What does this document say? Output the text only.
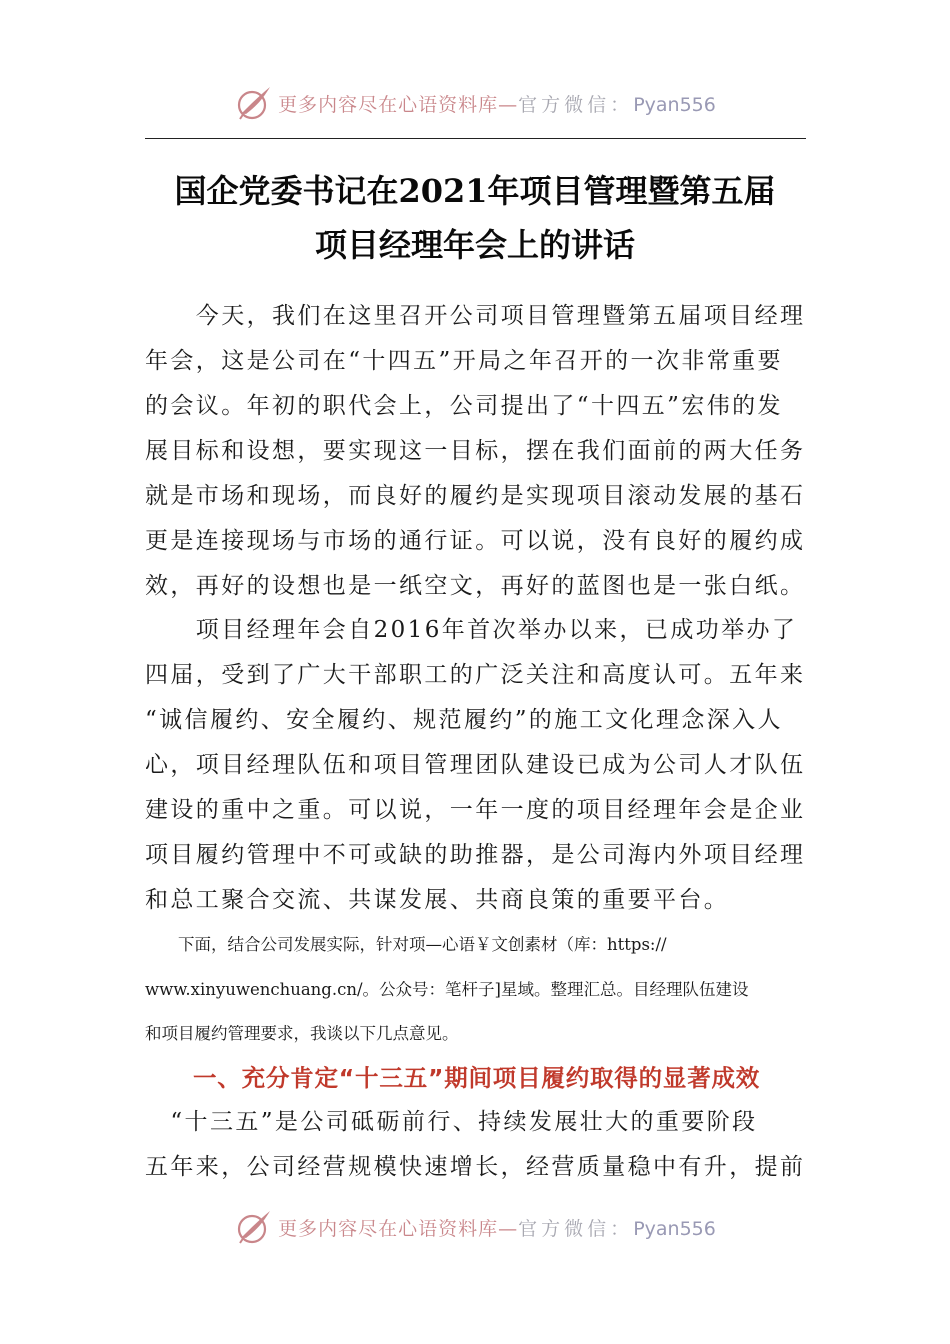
更多内容尽在心语资料库—官方微信：Pyan556
国企党委书记在2021年项目管理暨第五届
项目经理年会上的讲话
　　今天，我们在这里召开公司项目管理暨第五届项目经理
年会，这是公司在“十四五”开局之年召开的一次非常重要
的会议。年初的职代会上，公司提出了“十四五”宏伟的发
展目标和设想，要实现这一目标，摆在我们面前的两大任务
就是市场和现场，而良好的履约是实现项目滚动发展的基石
更是连接现场与市场的通行证。可以说，没有良好的履约成
效，再好的设想也是一纸空文，再好的蓝图也是一张白纸。
　　项目经理年会自2016年首次举办以来，已成功举办了
四届，受到了广大干部职工的广泛关注和高度认可。五年来
“诚信履约、安全履约、规范履约”的施工文化理念深入人
心，项目经理队伍和项目管理团队建设已成为公司人才队伍
建设的重中之重。可以说，一年一度的项目经理年会是企业
项目履约管理中不可或缺的助推器，是公司海内外项目经理
和总工聚合交流、共谋发展、共商良策的重要平台。
　　下面，结合公司发展实际，针对项—心语￥文创素材（库：https://
www.xinyuwenchuang.cn/。公众号：笔杆子]星域。整理汇总。目经理队伍建设
和项目履约管理要求，我谈以下几点意见。
一、充分肯定“十三五”期间项目履约取得的显著成效
　“十三五”是公司砥砺前行、持续发展壮大的重要阶段
五年来，公司经营规模快速增长，经营质量稳中有升，提前
更多内容尽在心语资料库—官方微信：Pyan556
